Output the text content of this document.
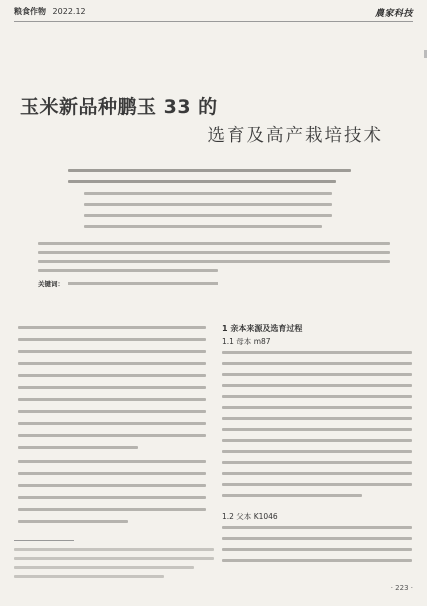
粮食作物 2022.12	農家科技
玉米新品种鹏玉 33 的
选育及高产栽培技术
关键词：
1 亲本来源及选育过程
1.1 母本 m87
1.2 父本 K1046
· 223 ·
